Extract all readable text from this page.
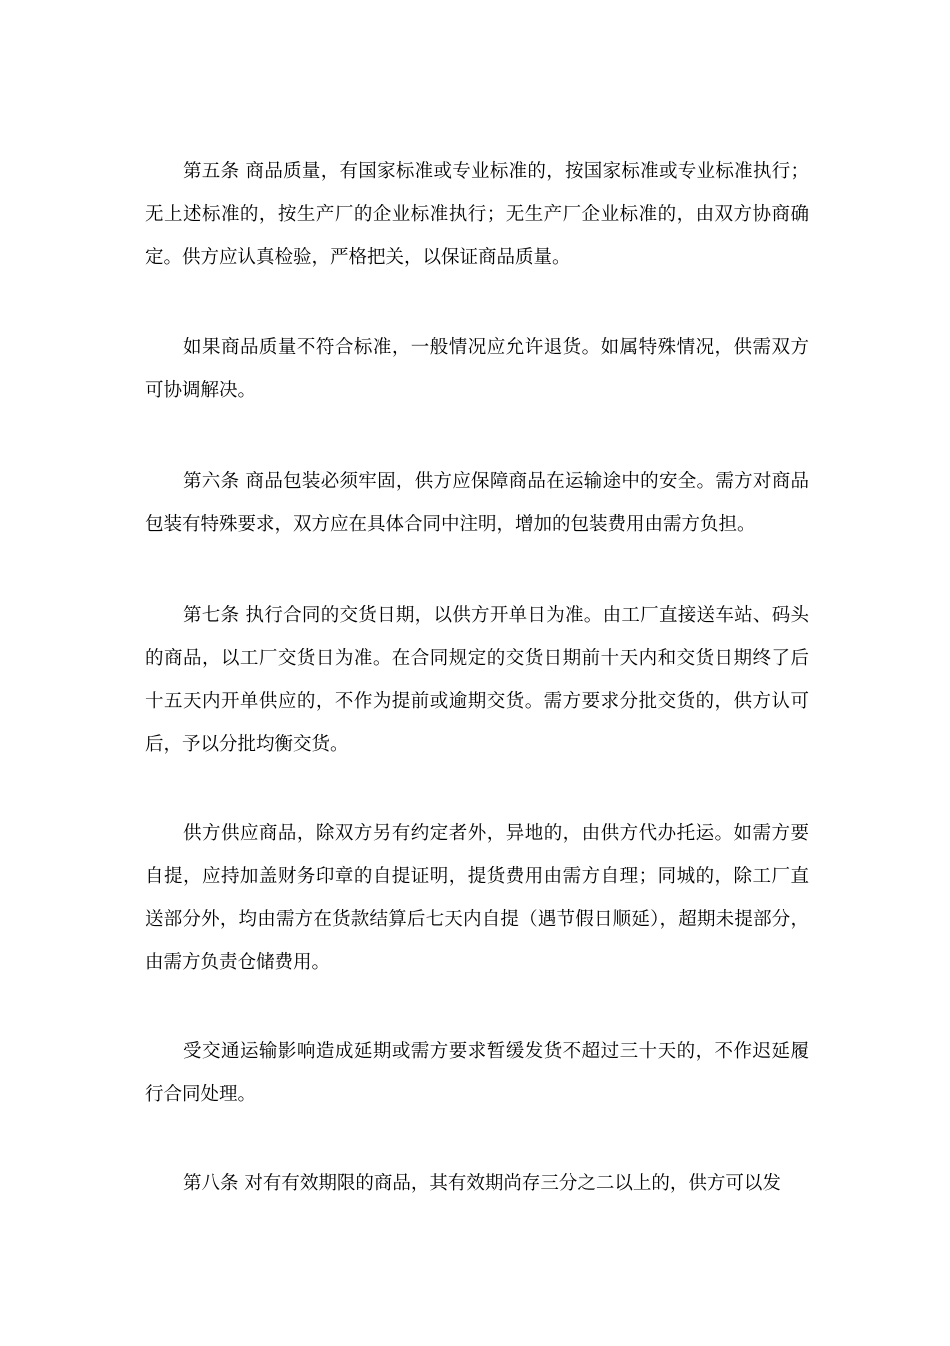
第五条 商品质量，有国家标准或专业标准的，按国家标准或专业标准执行；无上述标准的，按生产厂的企业标准执行；无生产厂企业标准的，由双方协商确定。供方应认真检验，严格把关，以保证商品质量。

如果商品质量不符合标准，一般情况应允许退货。如属特殊情况，供需双方可协调解决。

第六条 商品包装必须牢固，供方应保障商品在运输途中的安全。需方对商品包装有特殊要求，双方应在具体合同中注明，增加的包装费用由需方负担。

第七条 执行合同的交货日期，以供方开单日为准。由工厂直接送车站、码头的商品，以工厂交货日为准。在合同规定的交货日期前十天内和交货日期终了后十五天内开单供应的，不作为提前或逾期交货。需方要求分批交货的，供方认可后，予以分批均衡交货。

供方供应商品，除双方另有约定者外，异地的，由供方代办托运。如需方要自提，应持加盖财务印章的自提证明，提货费用由需方自理；同城的，除工厂直送部分外，均由需方在货款结算后七天内自提（遇节假日顺延），超期未提部分，由需方负责仓储费用。

受交通运输影响造成延期或需方要求暂缓发货不超过三十天的，不作迟延履行合同处理。

第八条 对有有效期限的商品，其有效期尚存三分之二以上的，供方可以发
